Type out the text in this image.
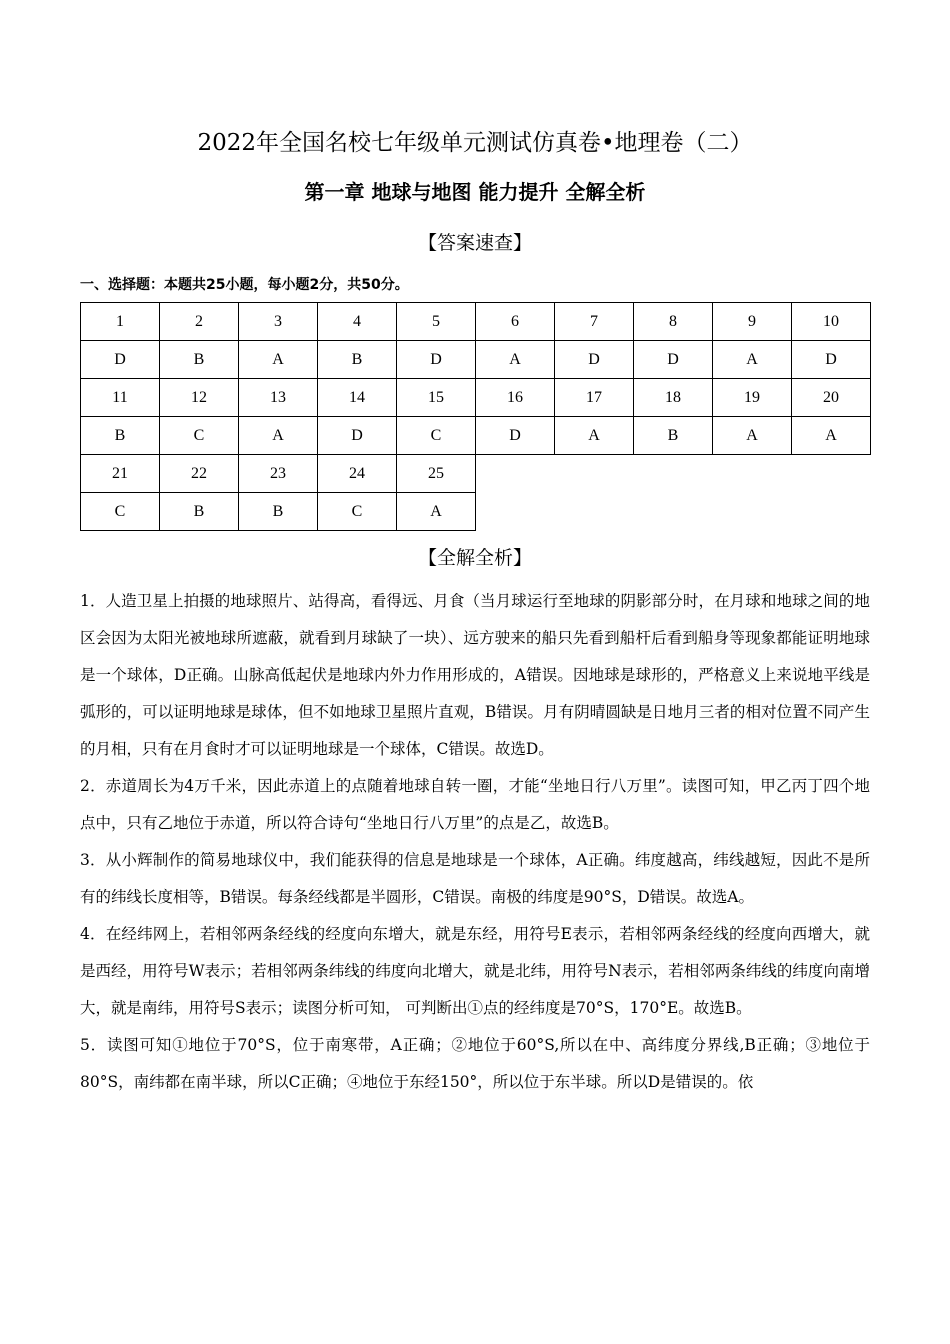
2022年全国名校七年级单元测试仿真卷•地理卷（二）
第一章 地球与地图 能力提升 全解全析
【答案速查】
一、选择题：本题共25小题，每小题2分，共50分。
1	2	3	4	5	6	7	8	9	10
D	B	A	B	D	A	D	D	A	D
11	12	13	14	15	16	17	18	19	20
B	C	A	D	C	D	A	B	A	A
21	22	23	24	25					
C	B	B	C	A					
【全解全析】

1．人造卫星上拍摄的地球照片、站得高，看得远、月食（当月球运行至地球的阴影部分时，在月球和地球之间的地区会因为太阳光被地球所遮蔽，就看到月球缺了一块）、远方驶来的船只先看到船杆后看到船身等现象都能证明地球是一个球体，D正确。山脉高低起伏是地球内外力作用形成的，A错误。因地球是球形的，严格意义上来说地平线是弧形的，可以证明地球是球体，但不如地球卫星照片直观，B错误。月有阴晴圆缺是日地月三者的相对位置不同产生的月相，只有在月食时才可以证明地球是一个球体，C错误。故选D。

2．赤道周长为4万千米，因此赤道上的点随着地球自转一圈，才能“坐地日行八万里”。读图可知，甲乙丙丁四个地点中，只有乙地位于赤道，所以符合诗句“坐地日行八万里”的点是乙，故选B。

3．从小辉制作的简易地球仪中，我们能获得的信息是地球是一个球体，A正确。纬度越高，纬线越短，因此不是所有的纬线长度相等，B错误。每条经线都是半圆形，C错误。南极的纬度是90°S，D错误。故选A。

4．在经纬网上，若相邻两条经线的经度向东增大，就是东经，用符号E表示，若相邻两条经线的经度向西增大，就是西经，用符号W表示；若相邻两条纬线的纬度向北增大，就是北纬，用符号N表示，若相邻两条纬线的纬度向南增大，就是南纬，用符号S表示；读图分析可知， 可判断出①点的经纬度是70°S，170°E。故选B。

5．读图可知①地位于70°S，位于南寒带，A正确；②地位于60°S,所以在中、高纬度分界线,B正确；③地位于80°S，南纬都在南半球，所以C正确；④地位于东经150°，所以位于东半球。所以D是错误的。依
